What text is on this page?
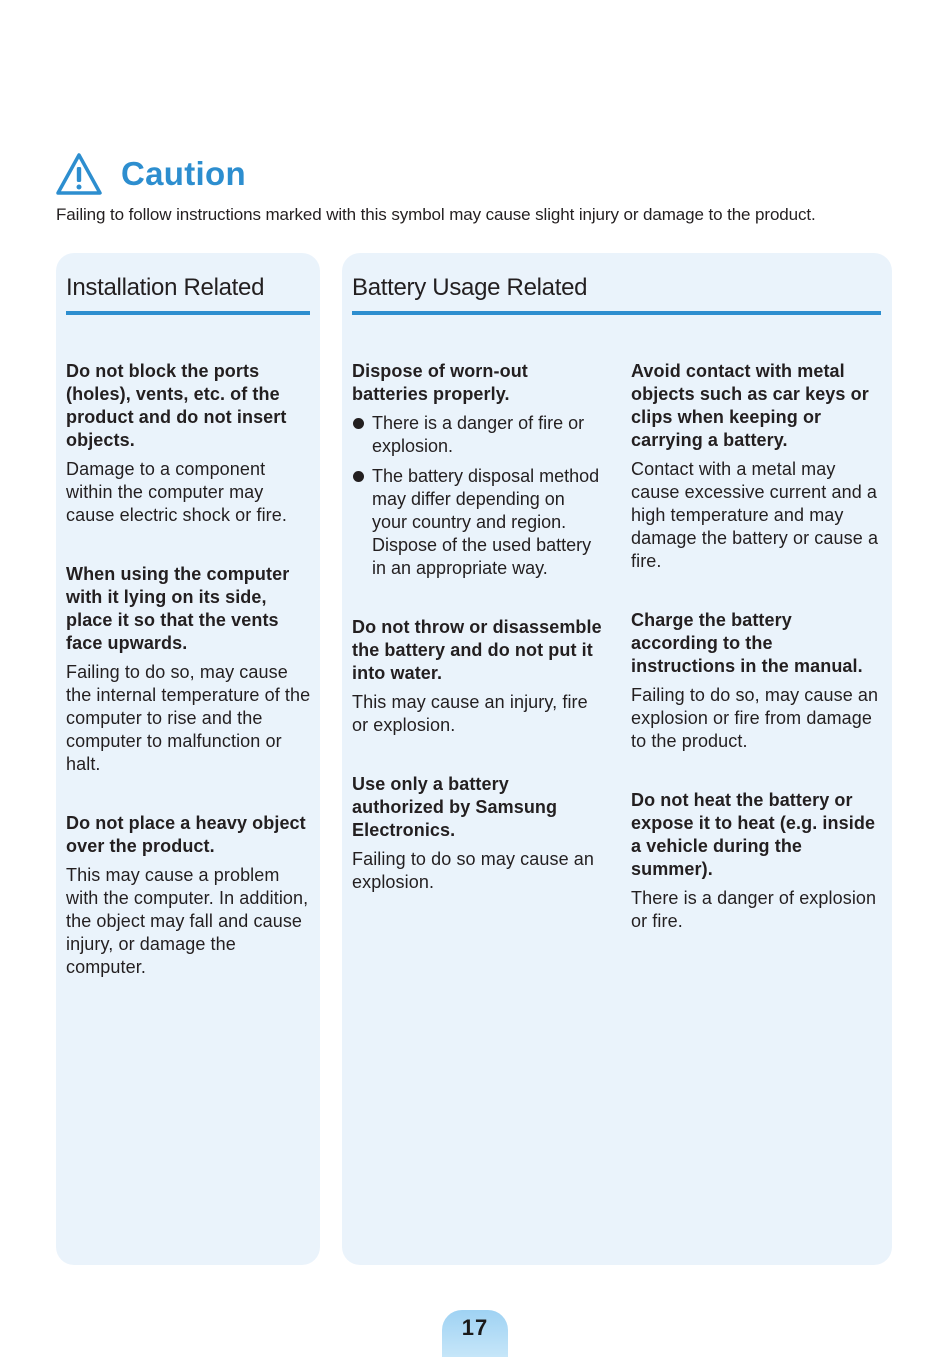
Caution
Failing to follow instructions marked with this symbol may cause slight injury or damage to the product.
Installation Related	Battery Usage Related
Do not block the ports (holes), vents, etc. of the product and do not insert objects.

Damage to a component within the computer may cause electric shock or fire.

When using the computer with it lying on its side, place it so that the vents face upwards.

Failing to do so, may cause the internal temperature of the computer to rise and the computer to malfunction or halt.

Do not place a heavy object over the product.

This may cause a problem with the computer. In addition, the object may fall and cause injury, or damage the computer.

Dispose of worn-out batteries properly.
There is a danger of fire or explosion.
The battery disposal method may differ depending on your country and region. Dispose of the used battery in an appropriate way.
Do not throw or disassemble the battery and do not put it into water.

This may cause an injury, fire or explosion.

Use only a battery authorized by Samsung Electronics.

Failing to do so may cause an explosion.

Avoid contact with metal objects such as car keys or clips when keeping or carrying a battery.

Contact with a metal may cause excessive current and a high temperature and may damage the battery or cause a fire.

Charge the battery according to the instructions in the manual.

Failing to do so, may cause an explosion or fire from damage to the product.

Do not heat the battery or expose it to heat (e.g. inside a vehicle during the summer).

There is a danger of explosion or fire.

17
